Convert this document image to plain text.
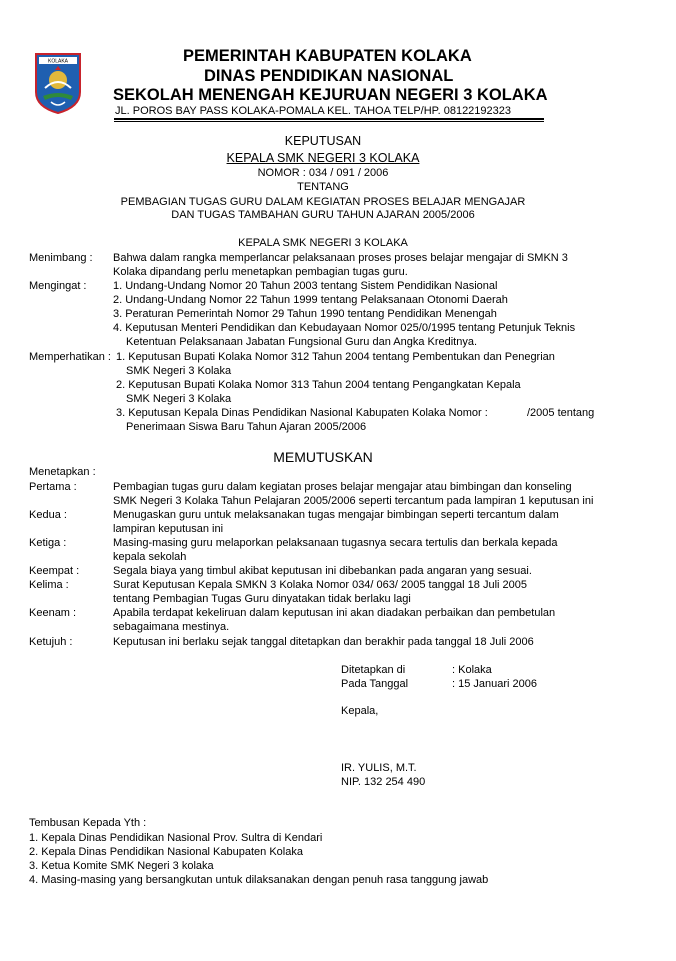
KOLAKA	PEMERINTAH KABUPATEN KOLAKA
DINAS PENDIDIKAN NASIONAL
SEKOLAH MENENGAH KEJURUAN NEGERI 3 KOLAKA
JL. POROS BAY PASS KOLAKA-POMALA KEL. TAHOA TELP/HP. 08122192323
KEPUTUSAN
KEPALA SMK NEGERI 3 KOLAKA
NOMOR : 034 / 091 / 2006
TENTANG
PEMBAGIAN TUGAS GURU DALAM KEGIATAN PROSES BELAJAR MENGAJAR
DAN TUGAS TAMBAHAN GURU TAHUN AJARAN 2005/2006
KEPALA SMK NEGERI 3 KOLAKA
Menimbang : Bahwa dalam rangka memperlancar pelaksanaan proses proses belajar mengajar di SMKN 3
Kolaka dipandang perlu menetapkan pembagian tugas guru.
Mengingat : 1. Undang-Undang Nomor 20 Tahun 2003 tentang Sistem Pendidikan Nasional
2. Undang-Undang Nomor 22 Tahun 1999 tentang Pelaksanaan Otonomi Daerah
3. Peraturan Pemerintah Nomor 29 Tahun 1990 tentang Pendidikan Menengah
4. Keputusan Menteri Pendidikan dan Kebudayaan Nomor 025/0/1995 tentang Petunjuk Teknis
Ketentuan Pelaksanaan Jabatan Fungsional Guru dan Angka Kreditnya.
Memperhatikan : 1. Keputusan Bupati Kolaka Nomor 312 Tahun 2004 tentang Pembentukan dan Penegrian
SMK Negeri 3 Kolaka
2. Keputusan Bupati Kolaka Nomor 313 Tahun 2004 tentang Pengangkatan Kepala
SMK Negeri 3 Kolaka
3. Keputusan Kepala Dinas Pendidikan Nasional Kabupaten Kolaka Nomor :	/2005 tentang
Penerimaan Siswa Baru Tahun Ajaran 2005/2006
MEMUTUSKAN
Menetapkan :
Pertama :	Pembagian tugas guru dalam kegiatan proses belajar mengajar atau bimbingan dan konseling
SMK Negeri 3 Kolaka Tahun Pelajaran 2005/2006 seperti tercantum pada lampiran 1 keputusan ini
Kedua :	Menugaskan guru untuk melaksanakan tugas mengajar bimbingan seperti tercantum dalam
lampiran keputusan ini
Ketiga :	Masing-masing guru melaporkan pelaksanaan tugasnya secara tertulis dan berkala kepada
kepala sekolah
Keempat :	Segala biaya yang timbul akibat keputusan ini dibebankan pada angaran yang sesuai.
Kelima :	Surat Keputusan Kepala SMKN 3 Kolaka Nomor 034/ 063/ 2005 tanggal 18 Juli 2005
tentang Pembagian Tugas Guru dinyatakan tidak berlaku lagi
Keenam :	Apabila terdapat kekeliruan dalam keputusan ini akan diadakan perbaikan dan pembetulan
sebagaimana mestinya.
Ketujuh :	Keputusan ini berlaku sejak tanggal ditetapkan dan berakhir pada tanggal 18 Juli 2006
Ditetapkan di	: Kolaka
Pada Tanggal	: 15 Januari 2006
Kepala,
IR. YULIS, M.T.
NIP. 132 254 490
Tembusan Kepada Yth :
1. Kepala Dinas Pendidikan Nasional Prov. Sultra di Kendari
2. Kepala Dinas Pendidikan Nasional Kabupaten Kolaka
3. Ketua Komite SMK Negeri 3 kolaka
4. Masing-masing yang bersangkutan untuk dilaksanakan dengan penuh rasa tanggung jawab
